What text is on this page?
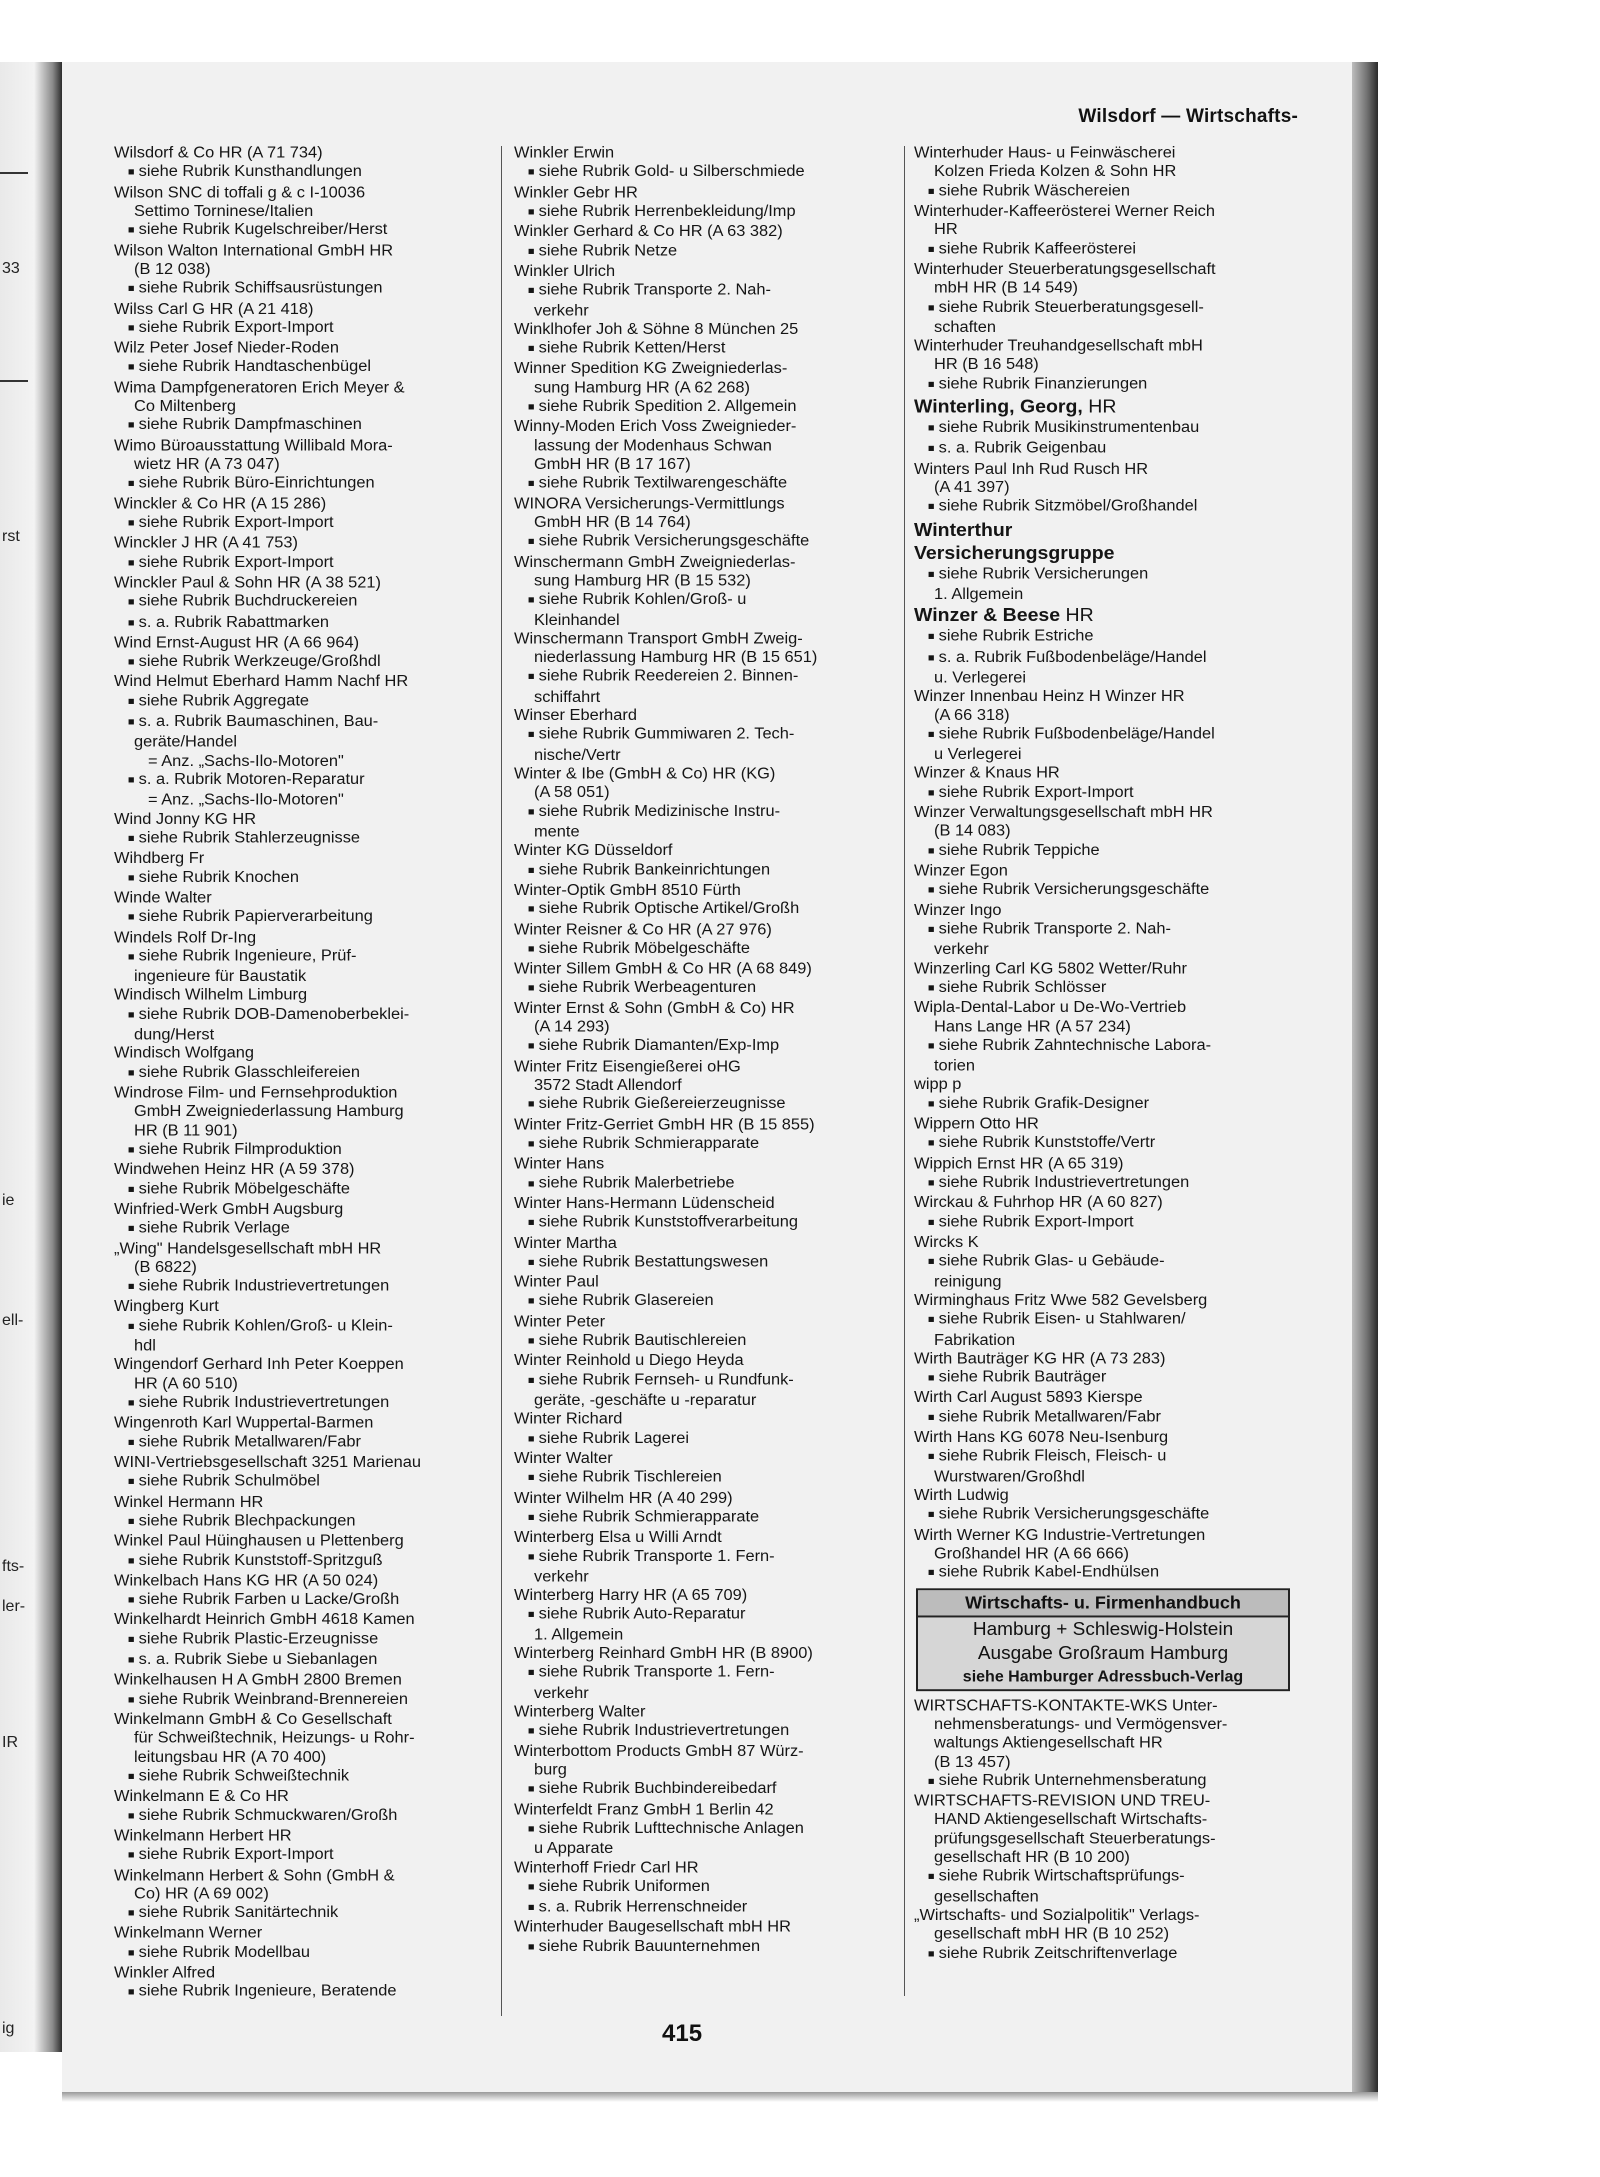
33
rst
ie
ell-
fts-
ler-
IR
ig
Wilsdorf — Wirtschafts-
Wilsdorf & Co HR (A 71 734)
■ siehe Rubrik Kunsthandlungen
Wilson SNC di toffali g & c I-10036
Settimo Torninese/Italien
■ siehe Rubrik Kugelschreiber/Herst
Wilson Walton International GmbH HR
(B 12 038)
■ siehe Rubrik Schiffsausrüstungen
Wilss Carl G HR (A 21 418)
■ siehe Rubrik Export-Import
Wilz Peter Josef Nieder-Roden
■ siehe Rubrik Handtaschenbügel
Wima Dampfgeneratoren Erich Meyer &
Co Miltenberg
■ siehe Rubrik Dampfmaschinen
Wimo Büroausstattung Willibald Mora-
wietz HR (A 73 047)
■ siehe Rubrik Büro-Einrichtungen
Winckler & Co HR (A 15 286)
■ siehe Rubrik Export-Import
Winckler J HR (A 41 753)
■ siehe Rubrik Export-Import
Winckler Paul & Sohn HR (A 38 521)
■ siehe Rubrik Buchdruckereien
■ s. a. Rubrik Rabattmarken
Wind Ernst-August HR (A 66 964)
■ siehe Rubrik Werkzeuge/Großhdl
Wind Helmut Eberhard Hamm Nachf HR
■ siehe Rubrik Aggregate
■ s. a. Rubrik Baumaschinen, Bau-
geräte/Handel
= Anz. „Sachs-Ilo-Motoren"
■ s. a. Rubrik Motoren-Reparatur
= Anz. „Sachs-Ilo-Motoren"
Wind Jonny KG HR
■ siehe Rubrik Stahlerzeugnisse
Wihdberg Fr
■ siehe Rubrik Knochen
Winde Walter
■ siehe Rubrik Papierverarbeitung
Windels Rolf Dr-Ing
■ siehe Rubrik Ingenieure, Prüf-
ingenieure für Baustatik
Windisch Wilhelm Limburg
■ siehe Rubrik DOB-Damenoberbeklei-
dung/Herst
Windisch Wolfgang
■ siehe Rubrik Glasschleifereien
Windrose Film- und Fernsehproduktion
GmbH Zweigniederlassung Hamburg
HR (B 11 901)
■ siehe Rubrik Filmproduktion
Windwehen Heinz HR (A 59 378)
■ siehe Rubrik Möbelgeschäfte
Winfried-Werk GmbH Augsburg
■ siehe Rubrik Verlage
„Wing" Handelsgesellschaft mbH HR
(B 6822)
■ siehe Rubrik Industrievertretungen
Wingberg Kurt
■ siehe Rubrik Kohlen/Groß- u Klein-
hdl
Wingendorf Gerhard Inh Peter Koeppen
HR (A 60 510)
■ siehe Rubrik Industrievertretungen
Wingenroth Karl Wuppertal-Barmen
■ siehe Rubrik Metallwaren/Fabr
WINI-Vertriebsgesellschaft 3251 Marienau
■ siehe Rubrik Schulmöbel
Winkel Hermann HR
■ siehe Rubrik Blechpackungen
Winkel Paul Hüinghausen u Plettenberg
■ siehe Rubrik Kunststoff-Spritzguß
Winkelbach Hans KG HR (A 50 024)
■ siehe Rubrik Farben u Lacke/Großh
Winkelhardt Heinrich GmbH 4618 Kamen
■ siehe Rubrik Plastic-Erzeugnisse
■ s. a. Rubrik Siebe u Siebanlagen
Winkelhausen H A GmbH 2800 Bremen
■ siehe Rubrik Weinbrand-Brennereien
Winkelmann GmbH & Co Gesellschaft
für Schweißtechnik, Heizungs- u Rohr-
leitungsbau HR (A 70 400)
■ siehe Rubrik Schweißtechnik
Winkelmann E & Co HR
■ siehe Rubrik Schmuckwaren/Großh
Winkelmann Herbert HR
■ siehe Rubrik Export-Import
Winkelmann Herbert & Sohn (GmbH &
Co) HR (A 69 002)
■ siehe Rubrik Sanitärtechnik
Winkelmann Werner
■ siehe Rubrik Modellbau
Winkler Alfred
■ siehe Rubrik Ingenieure, Beratende
Winkler Erwin
■ siehe Rubrik Gold- u Silberschmiede
Winkler Gebr HR
■ siehe Rubrik Herrenbekleidung/Imp
Winkler Gerhard & Co HR (A 63 382)
■ siehe Rubrik Netze
Winkler Ulrich
■ siehe Rubrik Transporte 2. Nah-
verkehr
Winklhofer Joh & Söhne 8 München 25
■ siehe Rubrik Ketten/Herst
Winner Spedition KG Zweigniederlas-
sung Hamburg HR (A 62 268)
■ siehe Rubrik Spedition 2. Allgemein
Winny-Moden Erich Voss Zweignieder-
lassung der Modenhaus Schwan
GmbH HR (B 17 167)
■ siehe Rubrik Textilwarengeschäfte
WINORA Versicherungs-Vermittlungs
GmbH HR (B 14 764)
■ siehe Rubrik Versicherungsgeschäfte
Winschermann GmbH Zweigniederlas-
sung Hamburg HR (B 15 532)
■ siehe Rubrik Kohlen/Groß- u
Kleinhandel
Winschermann Transport GmbH Zweig-
niederlassung Hamburg HR (B 15 651)
■ siehe Rubrik Reedereien 2. Binnen-
schiffahrt
Winser Eberhard
■ siehe Rubrik Gummiwaren 2. Tech-
nische/Vertr
Winter & Ibe (GmbH & Co) HR (KG)
(A 58 051)
■ siehe Rubrik Medizinische Instru-
mente
Winter KG Düsseldorf
■ siehe Rubrik Bankeinrichtungen
Winter-Optik GmbH 8510 Fürth
■ siehe Rubrik Optische Artikel/Großh
Winter Reisner & Co HR (A 27 976)
■ siehe Rubrik Möbelgeschäfte
Winter Sillem GmbH & Co HR (A 68 849)
■ siehe Rubrik Werbeagenturen
Winter Ernst & Sohn (GmbH & Co) HR
(A 14 293)
■ siehe Rubrik Diamanten/Exp-Imp
Winter Fritz Eisengießerei oHG
3572 Stadt Allendorf
■ siehe Rubrik Gießereierzeugnisse
Winter Fritz-Gerriet GmbH HR (B 15 855)
■ siehe Rubrik Schmierapparate
Winter Hans
■ siehe Rubrik Malerbetriebe
Winter Hans-Hermann Lüdenscheid
■ siehe Rubrik Kunststoffverarbeitung
Winter Martha
■ siehe Rubrik Bestattungswesen
Winter Paul
■ siehe Rubrik Glasereien
Winter Peter
■ siehe Rubrik Bautischlereien
Winter Reinhold u Diego Heyda
■ siehe Rubrik Fernseh- u Rundfunk-
geräte, -geschäfte u -reparatur
Winter Richard
■ siehe Rubrik Lagerei
Winter Walter
■ siehe Rubrik Tischlereien
Winter Wilhelm HR (A 40 299)
■ siehe Rubrik Schmierapparate
Winterberg Elsa u Willi Arndt
■ siehe Rubrik Transporte 1. Fern-
verkehr
Winterberg Harry HR (A 65 709)
■ siehe Rubrik Auto-Reparatur
1. Allgemein
Winterberg Reinhard GmbH HR (B 8900)
■ siehe Rubrik Transporte 1. Fern-
verkehr
Winterberg Walter
■ siehe Rubrik Industrievertretungen
Winterbottom Products GmbH 87 Würz-
burg
■ siehe Rubrik Buchbindereibedarf
Winterfeldt Franz GmbH 1 Berlin 42
■ siehe Rubrik Lufttechnische Anlagen
u Apparate
Winterhoff Friedr Carl HR
■ siehe Rubrik Uniformen
■ s. a. Rubrik Herrenschneider
Winterhuder Baugesellschaft mbH HR
■ siehe Rubrik Bauunternehmen
Winterhuder Haus- u Feinwäscherei
Kolzen Frieda Kolzen & Sohn HR
■ siehe Rubrik Wäschereien
Winterhuder-Kaffeerösterei Werner Reich
HR
■ siehe Rubrik Kaffeerösterei
Winterhuder Steuerberatungsgesellschaft
mbH HR (B 14 549)
■ siehe Rubrik Steuerberatungsgesell-
schaften
Winterhuder Treuhandgesellschaft mbH
HR (B 16 548)
■ siehe Rubrik Finanzierungen
Winterling, Georg, HR
■ siehe Rubrik Musikinstrumentenbau
■ s. a. Rubrik Geigenbau
Winters Paul Inh Rud Rusch HR
(A 41 397)
■ siehe Rubrik Sitzmöbel/Großhandel
Winterthur
Versicherungsgruppe
■ siehe Rubrik Versicherungen
1. Allgemein
Winzer & Beese HR
■ siehe Rubrik Estriche
■ s. a. Rubrik Fußbodenbeläge/Handel
u. Verlegerei
Winzer Innenbau Heinz H Winzer HR
(A 66 318)
■ siehe Rubrik Fußbodenbeläge/Handel
u Verlegerei
Winzer & Knaus HR
■ siehe Rubrik Export-Import
Winzer Verwaltungsgesellschaft mbH HR
(B 14 083)
■ siehe Rubrik Teppiche
Winzer Egon
■ siehe Rubrik Versicherungsgeschäfte
Winzer Ingo
■ siehe Rubrik Transporte 2. Nah-
verkehr
Winzerling Carl KG 5802 Wetter/Ruhr
■ siehe Rubrik Schlösser
Wipla-Dental-Labor u De-Wo-Vertrieb
Hans Lange HR (A 57 234)
■ siehe Rubrik Zahntechnische Labora-
torien
wipp p
■ siehe Rubrik Grafik-Designer
Wippern Otto HR
■ siehe Rubrik Kunststoffe/Vertr
Wippich Ernst HR (A 65 319)
■ siehe Rubrik Industrievertretungen
Wirckau & Fuhrhop HR (A 60 827)
■ siehe Rubrik Export-Import
Wircks K
■ siehe Rubrik Glas- u Gebäude-
reinigung
Wirminghaus Fritz Wwe 582 Gevelsberg
■ siehe Rubrik Eisen- u Stahlwaren/
Fabrikation
Wirth Bauträger KG HR (A 73 283)
■ siehe Rubrik Bauträger
Wirth Carl August 5893 Kierspe
■ siehe Rubrik Metallwaren/Fabr
Wirth Hans KG 6078 Neu-Isenburg
■ siehe Rubrik Fleisch, Fleisch- u
Wurstwaren/Großhdl
Wirth Ludwig
■ siehe Rubrik Versicherungsgeschäfte
Wirth Werner KG Industrie-Vertretungen
Großhandel HR (A 66 666)
■ siehe Rubrik Kabel-Endhülsen
Wirtschafts- u. Firmenhandbuch
Hamburg + Schleswig-Holstein
Ausgabe Großraum Hamburg
siehe Hamburger Adressbuch-Verlag
WIRTSCHAFTS-KONTAKTE-WKS Unter-
nehmensberatungs- und Vermögensver-
waltungs Aktiengesellschaft HR
(B 13 457)
■ siehe Rubrik Unternehmensberatung
WIRTSCHAFTS-REVISION UND TREU-
HAND Aktiengesellschaft Wirtschafts-
prüfungsgesellschaft Steuerberatungs-
gesellschaft HR (B 10 200)
■ siehe Rubrik Wirtschaftsprüfungs-
gesellschaften
„Wirtschafts- und Sozialpolitik" Verlags-
gesellschaft mbH HR (B 10 252)
■ siehe Rubrik Zeitschriftenverlage
415
